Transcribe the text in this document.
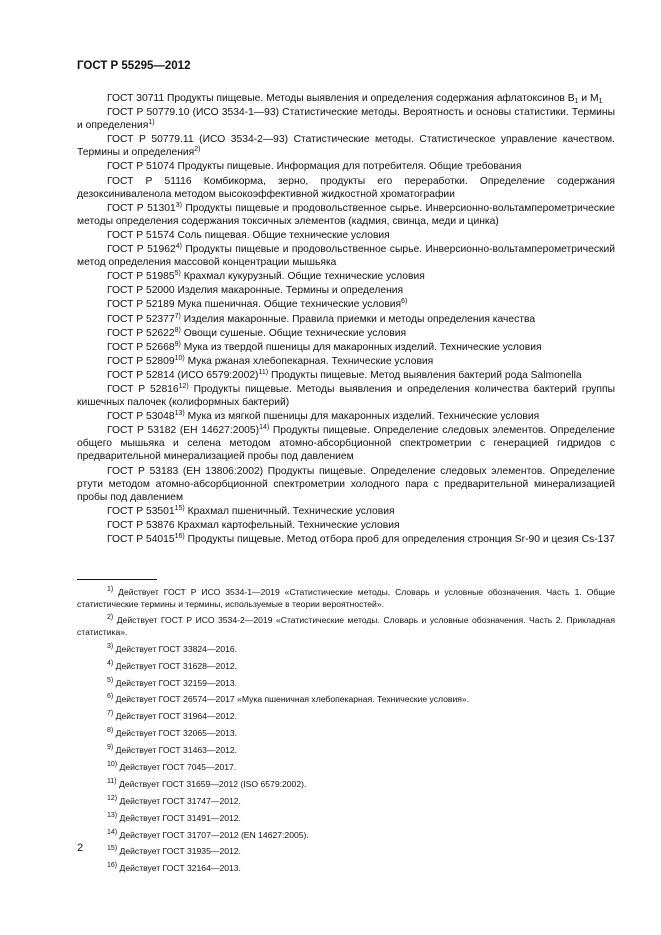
ГОСТ Р 55295—2012

ГОСТ 30711 Продукты пищевые. Методы выявления и определения содержания афлатоксинов $В_1$ и $М_1$

ГОСТ Р 50779.10 (ИСО 3534-1—93) Статистические методы. Вероятность и основы статистики. Термины и определения$^{1)}$

ГОСТ Р 50779.11 (ИСО 3534-2—93) Статистические методы. Статистическое управление качеством. Термины и определения$^{2)}$

ГОСТ Р 51074 Продукты пищевые. Информация для потребителя. Общие требования

ГОСТ Р 51116 Комбикорма, зерно, продукты его переработки. Определение содержания дезоксиниваленола методом высокоэффективной жидкостной хроматографии

ГОСТ Р 51301$^{3)}$ Продукты пищевые и продовольственное сырье. Инверсионно-вольтамперометрические методы определения содержания токсичных элементов (кадмия, свинца, меди и цинка)

ГОСТ Р 51574 Соль пищевая. Общие технические условия

ГОСТ Р 51962$^{4)}$ Продукты пищевые и продовольственное сырье. Инверсионно-вольтамперометрический метод определения массовой концентрации мышьяка

ГОСТ Р 51985$^{5)}$ Крахмал кукурузный. Общие технические условия

ГОСТ Р 52000 Изделия макаронные. Термины и определения

ГОСТ Р 52189 Мука пшеничная. Общие технические условия$^{6)}$

ГОСТ Р 52377$^{7)}$ Изделия макаронные. Правила приемки и методы определения качества

ГОСТ Р 52622$^{8)}$ Овощи сушеные. Общие технические условия

ГОСТ Р 52668$^{9)}$ Мука из твердой пшеницы для макаронных изделий. Технические условия

ГОСТ Р 52809$^{10)}$ Мука ржаная хлебопекарная. Технические условия

ГОСТ Р 52814 (ИСО 6579:2002)$^{11)}$ Продукты пищевые. Метод выявления бактерий рода Salmonella

ГОСТ Р 52816$^{12)}$ Продукты пищевые. Методы выявления и определения количества бактерий группы кишечных палочек (колиформных бактерий)

ГОСТ Р 53048$^{13)}$ Мука из мягкой пшеницы для макаронных изделий. Технические условия

ГОСТ Р 53182 (ЕН 14627:2005)$^{14)}$ Продукты пищевые. Определение следовых элементов. Определение общего мышьяка и селена методом атомно-абсорбционной спектрометрии с генерацией гидридов с предварительной минерализацией пробы под давлением

ГОСТ Р 53183 (ЕН 13806:2002) Продукты пищевые. Определение следовых элементов. Определение ртути методом атомно-абсорбционной спектрометрии холодного пара с предварительной минерализацией пробы под давлением

ГОСТ Р 53501$^{15)}$ Крахмал пшеничный. Технические условия

ГОСТ Р 53876 Крахмал картофельный. Технические условия

ГОСТ Р 54015$^{16)}$ Продукты пищевые. Метод отбора проб для определения стронция Sr-90 и цезия Cs-137

$^{1)}$ Действует ГОСТ Р ИСО 3534-1—2019 «Статистические методы. Словарь и условные обозначения. Часть 1. Общие статистические термины и термины, используемые в теории вероятностей».

$^{2)}$ Действует ГОСТ Р ИСО 3534-2—2019 «Статистические методы. Словарь и условные обозначения. Часть 2. Прикладная статистика».

$^{3)}$ Действует ГОСТ 33824—2016.

$^{4)}$ Действует ГОСТ 31628—2012.

$^{5)}$ Действует ГОСТ 32159—2013.

$^{6)}$ Действует ГОСТ 26574—2017 «Мука пшеничная хлебопекарная. Технические условия».

$^{7)}$ Действует ГОСТ 31964—2012.

$^{8)}$ Действует ГОСТ 32065—2013.

$^{9)}$ Действует ГОСТ 31463—2012.

$^{10)}$ Действует ГОСТ 7045—2017.

$^{11)}$ Действует ГОСТ 31659—2012 (ISO 6579:2002).

$^{12)}$ Действует ГОСТ 31747—2012.

$^{13)}$ Действует ГОСТ 31491—2012.

$^{14)}$ Действует ГОСТ 31707—2012 (EN 14627:2005).

$^{15)}$ Действует ГОСТ 31935—2012.

$^{16)}$ Действует ГОСТ 32164—2013.

2
